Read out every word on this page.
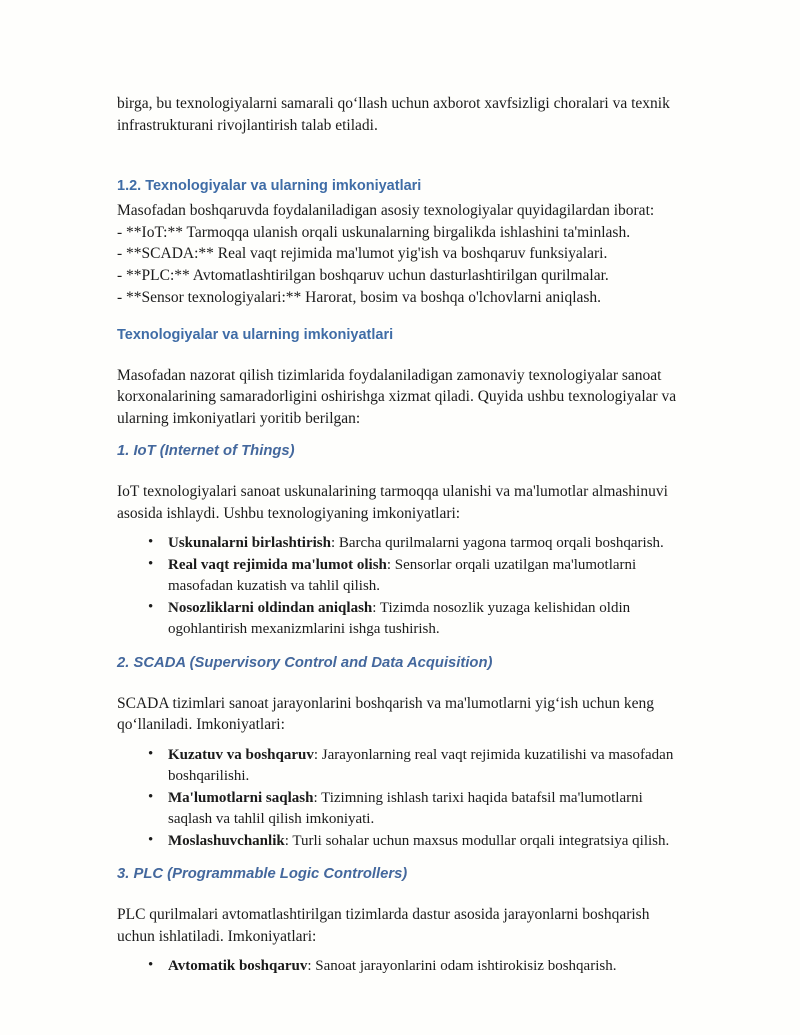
birga, bu texnologiyalarni samarali qo‘llash uchun axborot xavfsizligi choralari va texnik infrastrukturani rivojlantirish talab etiladi.

1.2. Texnologiyalar va ularning imkoniyatlari

Masofadan boshqaruvda foydalaniladigan asosiy texnologiyalar quyidagilardan iborat:

- **IoT:** Tarmoqqa ulanish orqali uskunalarning birgalikda ishlashini ta'minlash.
- **SCADA:** Real vaqt rejimida ma'lumot yig'ish va boshqaruv funksiyalari.
- **PLC:** Avtomatlashtirilgan boshqaruv uchun dasturlashtirilgan qurilmalar.
- **Sensor texnologiyalari:** Harorat, bosim va boshqa o'lchovlarni aniqlash.
Texnologiyalar va ularning imkoniyatlari

Masofadan nazorat qilish tizimlarida foydalaniladigan zamonaviy texnologiyalar sanoat korxonalarining samaradorligini oshirishga xizmat qiladi. Quyida ushbu texnologiyalar va ularning imkoniyatlari yoritib berilgan:

1. IoT (Internet of Things)

IoT texnologiyalari sanoat uskunalarining tarmoqqa ulanishi va ma'lumotlar almashinuvi asosida ishlaydi. Ushbu texnologiyaning imkoniyatlari:

• Uskunalarni birlashtirish: Barcha qurilmalarni yagona tarmoq orqali boshqarish.
• Real vaqt rejimida ma'lumot olish: Sensorlar orqali uzatilgan ma'lumotlarni masofadan kuzatish va tahlil qilish.
• Nosozliklarni oldindan aniqlash: Tizimda nosozlik yuzaga kelishidan oldin ogohlantirish mexanizmlarini ishga tushirish.
2. SCADA (Supervisory Control and Data Acquisition)

SCADA tizimlari sanoat jarayonlarini boshqarish va ma'lumotlarni yig‘ish uchun keng qo‘llaniladi. Imkoniyatlari:

• Kuzatuv va boshqaruv: Jarayonlarning real vaqt rejimida kuzatilishi va masofadan boshqarilishi.
• Ma'lumotlarni saqlash: Tizimning ishlash tarixi haqida batafsil ma'lumotlarni saqlash va tahlil qilish imkoniyati.
• Moslashuvchanlik: Turli sohalar uchun maxsus modullar orqali integratsiya qilish.
3. PLC (Programmable Logic Controllers)

PLC qurilmalari avtomatlashtirilgan tizimlarda dastur asosida jarayonlarni boshqarish uchun ishlatiladi. Imkoniyatlari:

• Avtomatik boshqaruv: Sanoat jarayonlarini odam ishtirokisiz boshqarish.
